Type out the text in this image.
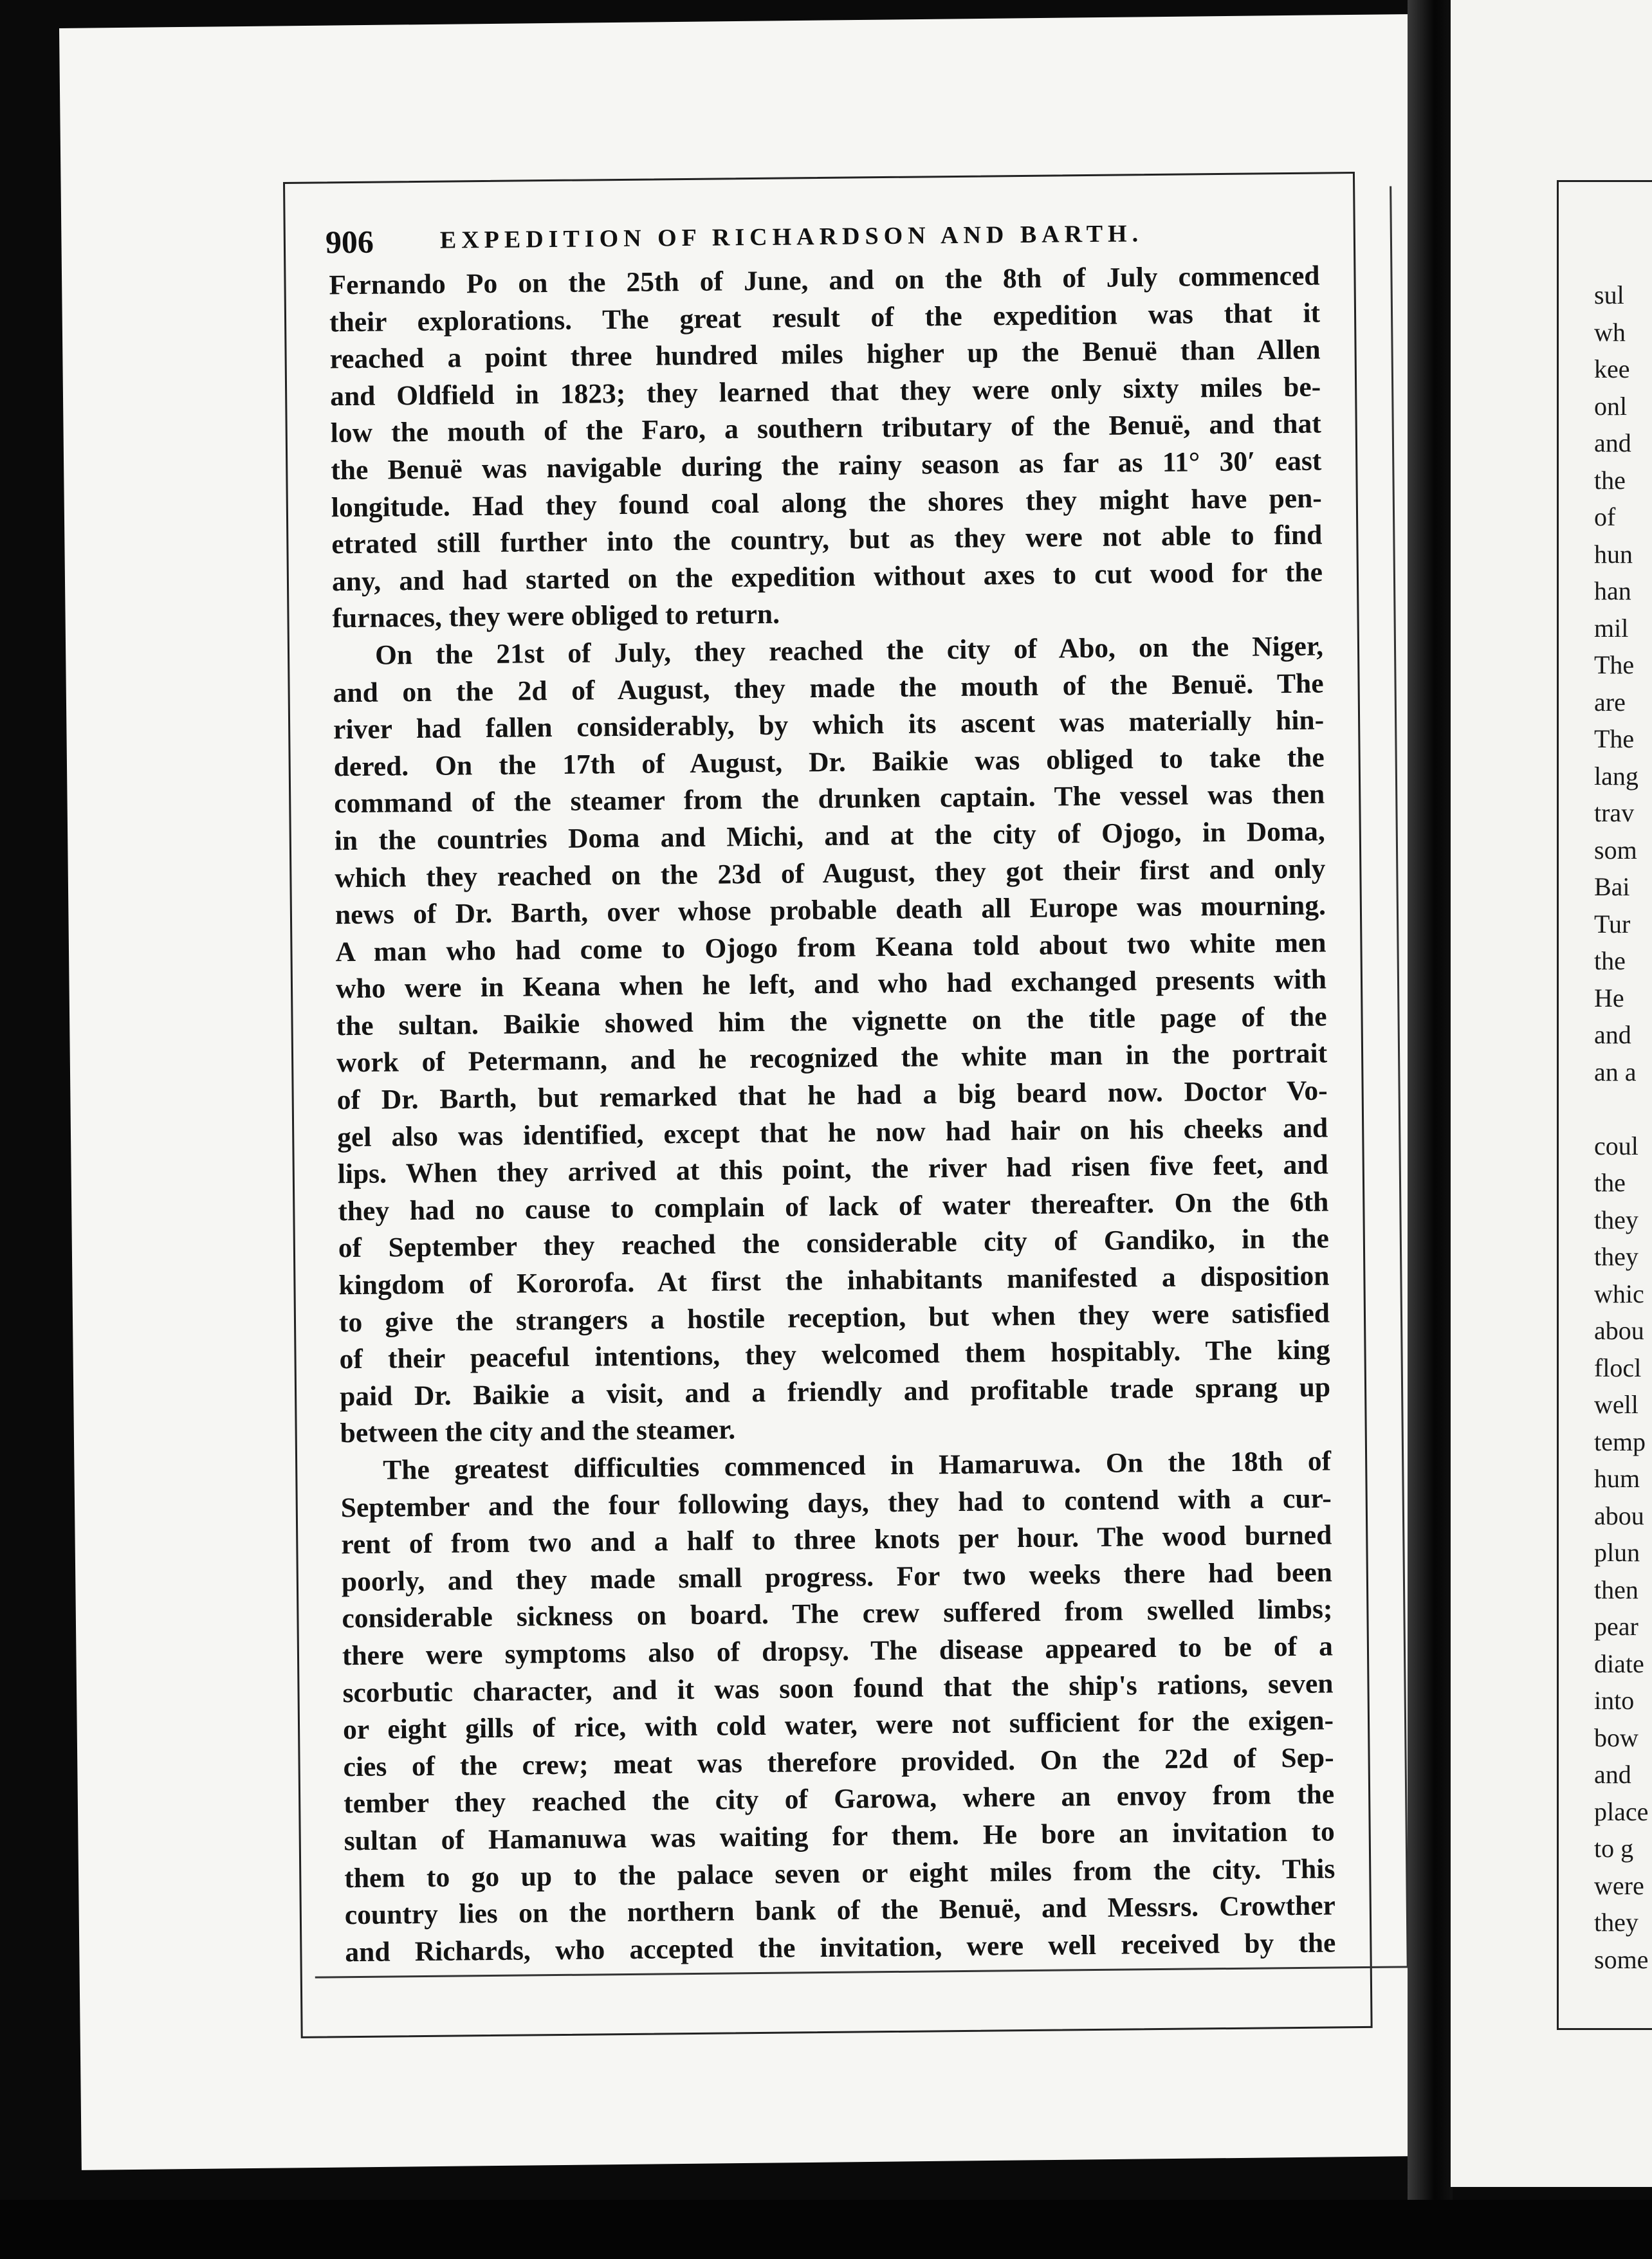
sul
wh
kee
onl
and
the
of
hun
han
mil
The
are
The
lang
trav
som
Bai
Tur
the
He
and
an a
coul
the
they
they
whic
abou
flocl
well
temp
hum
abou
plun
then
pear
diate
into
bow
and
place
to g
were
they
some
906	EXPEDITION OF RICHARDSON AND BARTH.
Fernando Po on the 25th of June, and on the 8th of July commenced
their explorations. The great result of the expedition was that it
reached a point three hundred miles higher up the Benuë than Allen
and Oldfield in 1823; they learned that they were only sixty miles be-
low the mouth of the Faro, a southern tributary of the Benuë, and that
the Benuë was navigable during the rainy season as far as 11° 30′ east
longitude. Had they found coal along the shores they might have pen-
etrated still further into the country, but as they were not able to find
any, and had started on the expedition without axes to cut wood for the
furnaces, they were obliged to return.
On the 21st of July, they reached the city of Abo, on the Niger,
and on the 2d of August, they made the mouth of the Benuë. The
river had fallen considerably, by which its ascent was materially hin-
dered. On the 17th of August, Dr. Baikie was obliged to take the
command of the steamer from the drunken captain. The vessel was then
in the countries Doma and Michi, and at the city of Ojogo, in Doma,
which they reached on the 23d of August, they got their first and only
news of Dr. Barth, over whose probable death all Europe was mourning.
A man who had come to Ojogo from Keana told about two white men
who were in Keana when he left, and who had exchanged presents with
the sultan. Baikie showed him the vignette on the title page of the
work of Petermann, and he recognized the white man in the portrait
of Dr. Barth, but remarked that he had a big beard now. Doctor Vo-
gel also was identified, except that he now had hair on his cheeks and
lips. When they arrived at this point, the river had risen five feet, and
they had no cause to complain of lack of water thereafter. On the 6th
of September they reached the considerable city of Gandiko, in the
kingdom of Kororofa. At first the inhabitants manifested a disposition
to give the strangers a hostile reception, but when they were satisfied
of their peaceful intentions, they welcomed them hospitably. The king
paid Dr. Baikie a visit, and a friendly and profitable trade sprang up
between the city and the steamer.
The greatest difficulties commenced in Hamaruwa. On the 18th of
September and the four following days, they had to contend with a cur-
rent of from two and a half to three knots per hour. The wood burned
poorly, and they made small progress. For two weeks there had been
considerable sickness on board. The crew suffered from swelled limbs;
there were symptoms also of dropsy. The disease appeared to be of a
scorbutic character, and it was soon found that the ship's rations, seven
or eight gills of rice, with cold water, were not sufficient for the exigen-
cies of the crew; meat was therefore provided. On the 22d of Sep-
tember they reached the city of Garowa, where an envoy from the
sultan of Hamanuwa was waiting for them. He bore an invitation to
them to go up to the palace seven or eight miles from the city. This
country lies on the northern bank of the Benuë, and Messrs. Crowther
and Richards, who accepted the invitation, were well received by the
